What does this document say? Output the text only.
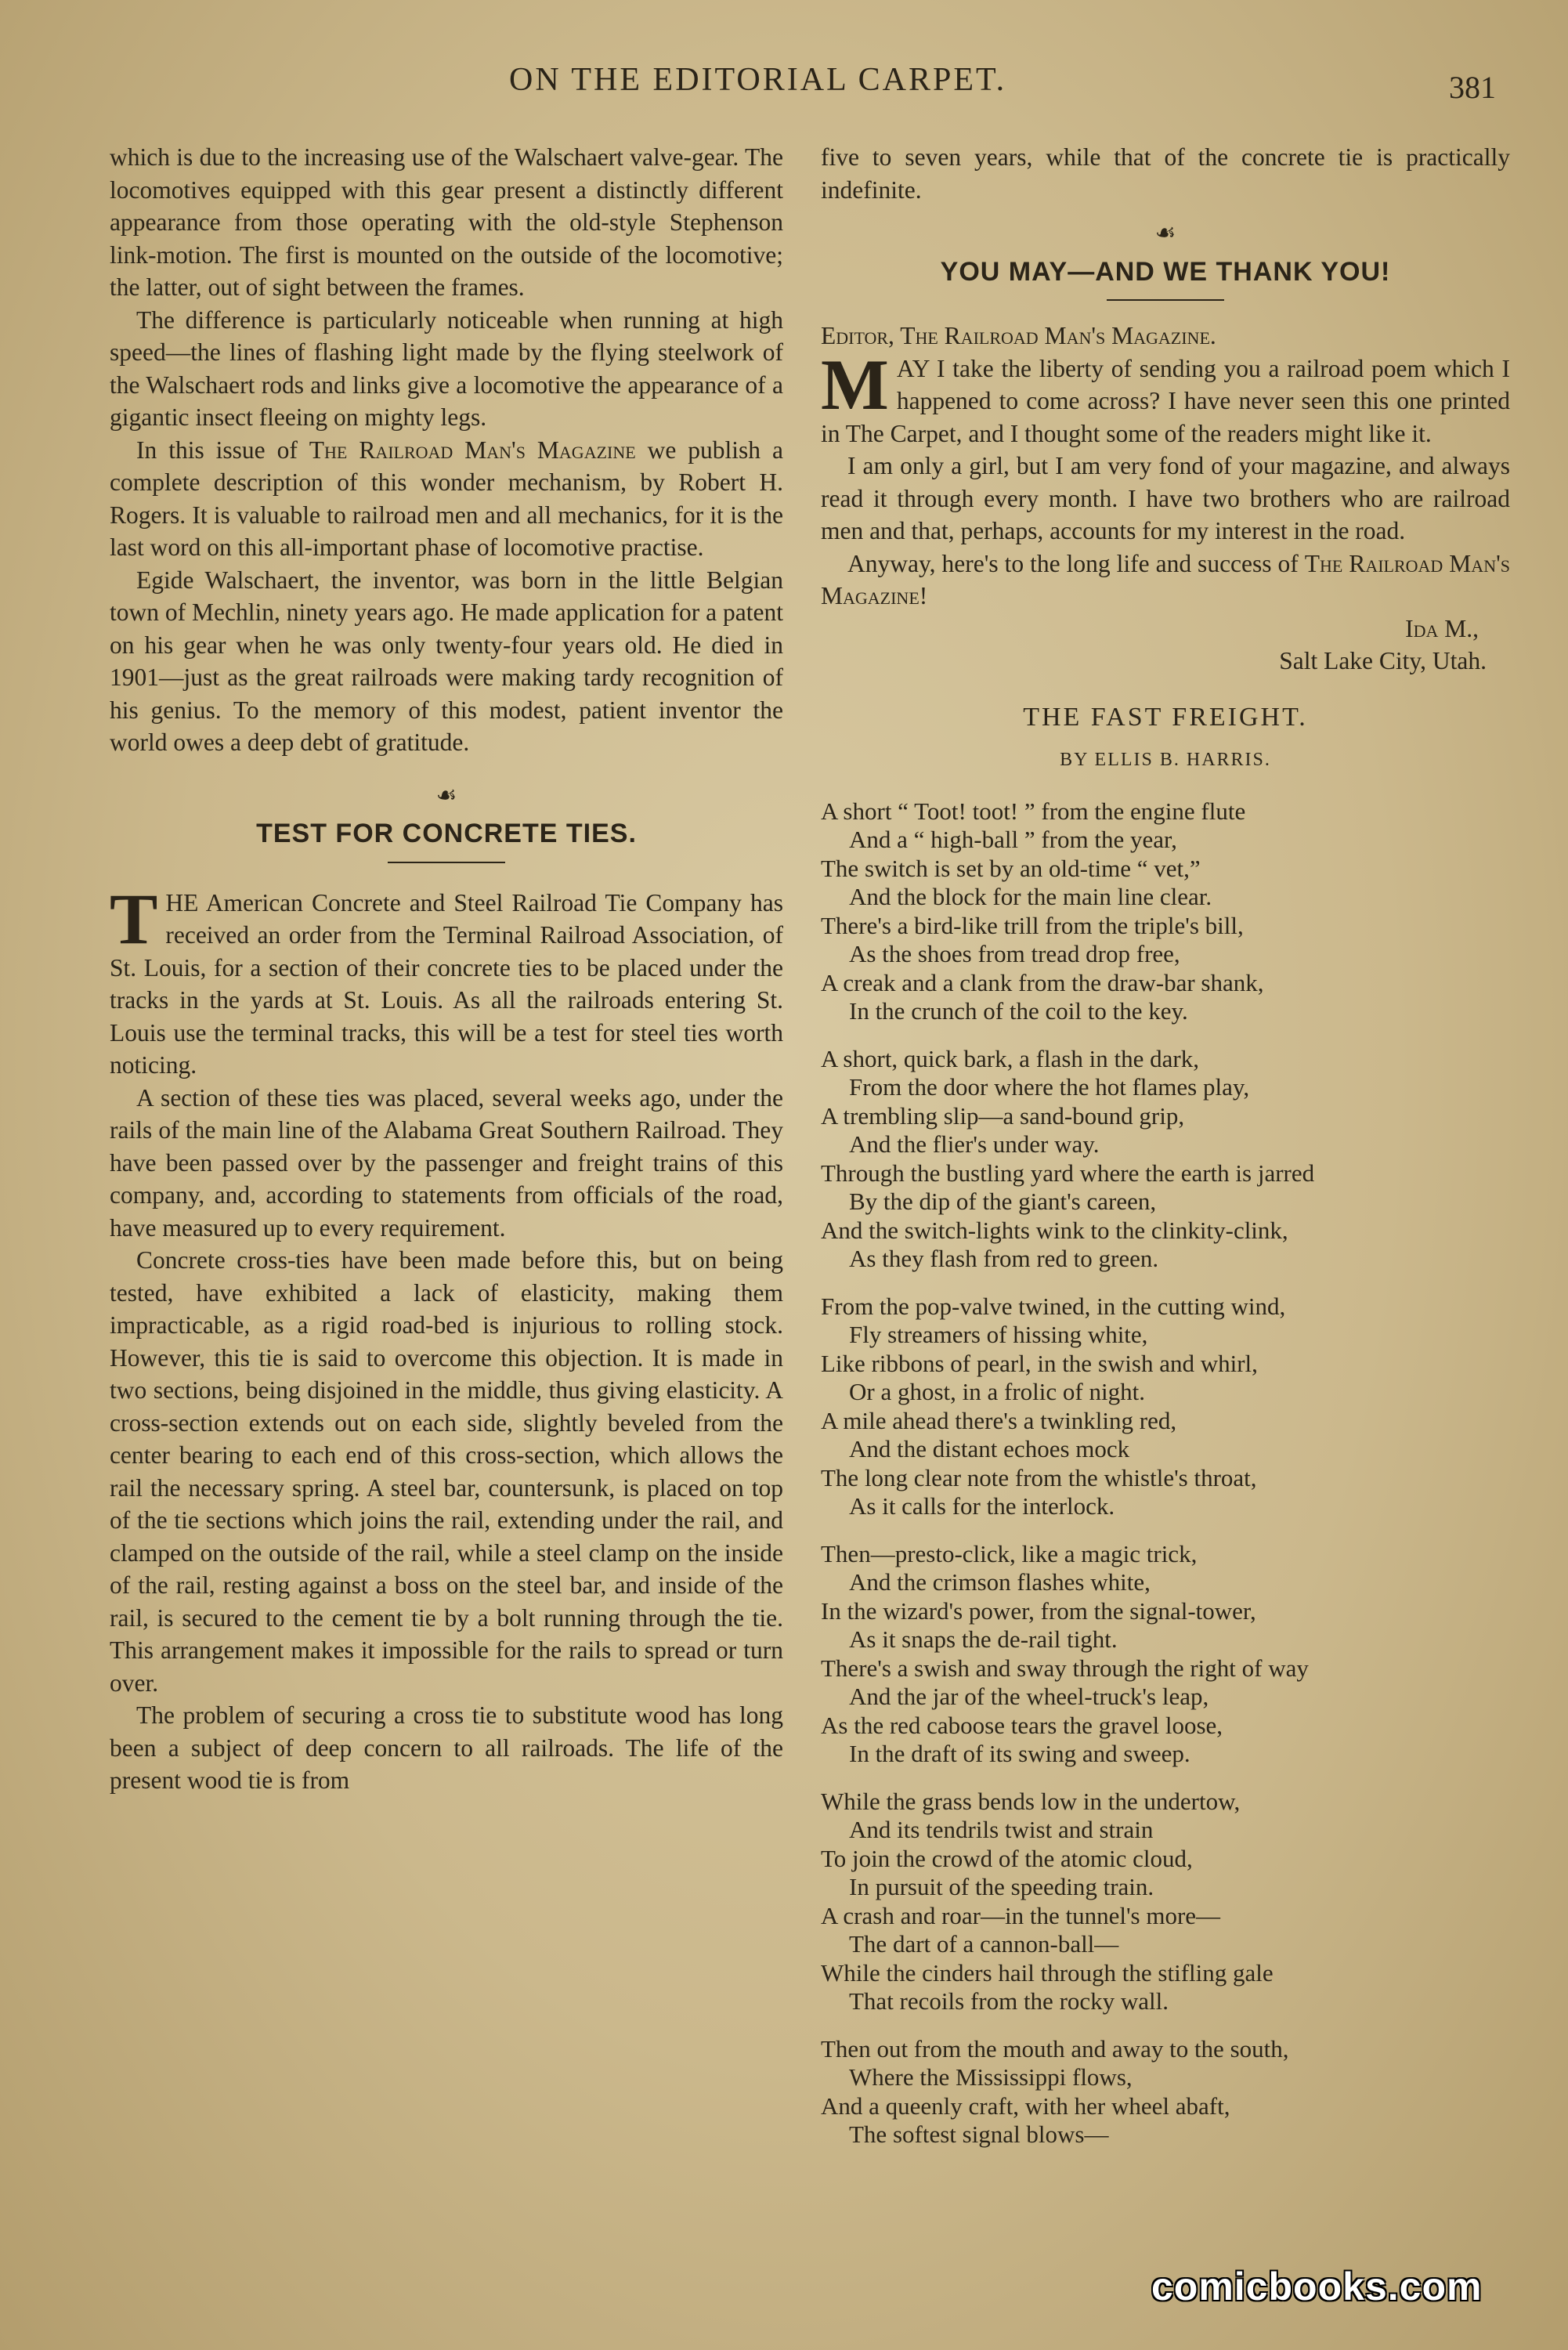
ON THE EDITORIAL CARPET.	381

which is due to the increasing use of the Walschaert valve-gear. The locomotives equipped with this gear present a distinctly different appearance from those operating with the old-style Stephenson link-motion. The first is mounted on the outside of the locomotive; the latter, out of sight between the frames.

The difference is particularly noticeable when running at high speed—the lines of flashing light made by the flying steelwork of the Walschaert rods and links give a locomotive the appearance of a gigantic insect fleeing on mighty legs.

In this issue of The Railroad Man's Magazine we publish a complete description of this wonder mechanism, by Robert H. Rogers. It is valuable to railroad men and all mechanics, for it is the last word on this all-important phase of locomotive practise.

Egide Walschaert, the inventor, was born in the little Belgian town of Mechlin, ninety years ago. He made application for a patent on his gear when he was only twenty-four years old. He died in 1901—just as the great railroads were making tardy recognition of his genius. To the memory of this modest, patient inventor the world owes a deep debt of gratitude.

☙
TEST FOR CONCRETE TIES.

THE American Concrete and Steel Railroad Tie Company has received an order from the Terminal Railroad Association, of St. Louis, for a section of their concrete ties to be placed under the tracks in the yards at St. Louis. As all the railroads entering St. Louis use the terminal tracks, this will be a test for steel ties worth noticing.

A section of these ties was placed, several weeks ago, under the rails of the main line of the Alabama Great Southern Railroad. They have been passed over by the passenger and freight trains of this company, and, according to statements from officials of the road, have measured up to every requirement.

Concrete cross-ties have been made before this, but on being tested, have exhibited a lack of elasticity, making them impracticable, as a rigid road-bed is injurious to rolling stock. However, this tie is said to overcome this objection. It is made in two sections, being disjoined in the middle, thus giving elasticity. A cross-section extends out on each side, slightly beveled from the center bearing to each end of this cross-section, which allows the rail the necessary spring. A steel bar, countersunk, is placed on top of the tie sections which joins the rail, extending under the rail, and clamped on the outside of the rail, while a steel clamp on the inside of the rail, resting against a boss on the steel bar, and inside of the rail, is secured to the cement tie by a bolt running through the tie. This arrangement makes it impossible for the rails to spread or turn over.

The problem of securing a cross tie to substitute wood has long been a subject of deep concern to all railroads. The life of the present wood tie is from

five to seven years, while that of the concrete tie is practically indefinite.

☙
YOU MAY—AND WE THANK YOU!

Editor, The Railroad Man's Magazine.

MAY I take the liberty of sending you a railroad poem which I happened to come across? I have never seen this one printed in The Carpet, and I thought some of the readers might like it.

I am only a girl, but I am very fond of your magazine, and always read it through every month. I have two brothers who are railroad men and that, perhaps, accounts for my interest in the road.

Anyway, here's to the long life and success of The Railroad Man's Magazine!

Ida M.,
Salt Lake City, Utah.
THE FAST FREIGHT.
BY ELLIS B. HARRIS.
A short “ Toot! toot! ” from the engine flute
And a “ high-ball ” from the year,
The switch is set by an old-time “ vet,”
And the block for the main line clear.
There's a bird-like trill from the triple's bill,
As the shoes from tread drop free,
A creak and a clank from the draw-bar shank,
In the crunch of the coil to the key.
A short, quick bark, a flash in the dark,
From the door where the hot flames play,
A trembling slip—a sand-bound grip,
And the flier's under way.
Through the bustling yard where the earth is jarred
By the dip of the giant's careen,
And the switch-lights wink to the clinkity-clink,
As they flash from red to green.
From the pop-valve twined, in the cutting wind,
Fly streamers of hissing white,
Like ribbons of pearl, in the swish and whirl,
Or a ghost, in a frolic of night.
A mile ahead there's a twinkling red,
And the distant echoes mock
The long clear note from the whistle's throat,
As it calls for the interlock.
Then—presto-click, like a magic trick,
And the crimson flashes white,
In the wizard's power, from the signal-tower,
As it snaps the de-rail tight.
There's a swish and sway through the right of way
And the jar of the wheel-truck's leap,
As the red caboose tears the gravel loose,
In the draft of its swing and sweep.
While the grass bends low in the undertow,
And its tendrils twist and strain
To join the crowd of the atomic cloud,
In pursuit of the speeding train.
A crash and roar—in the tunnel's more—
The dart of a cannon-ball—
While the cinders hail through the stifling gale
That recoils from the rocky wall.
Then out from the mouth and away to the south,
Where the Mississippi flows,
And a queenly craft, with her wheel abaft,
The softest signal blows—
comicbooks.com
